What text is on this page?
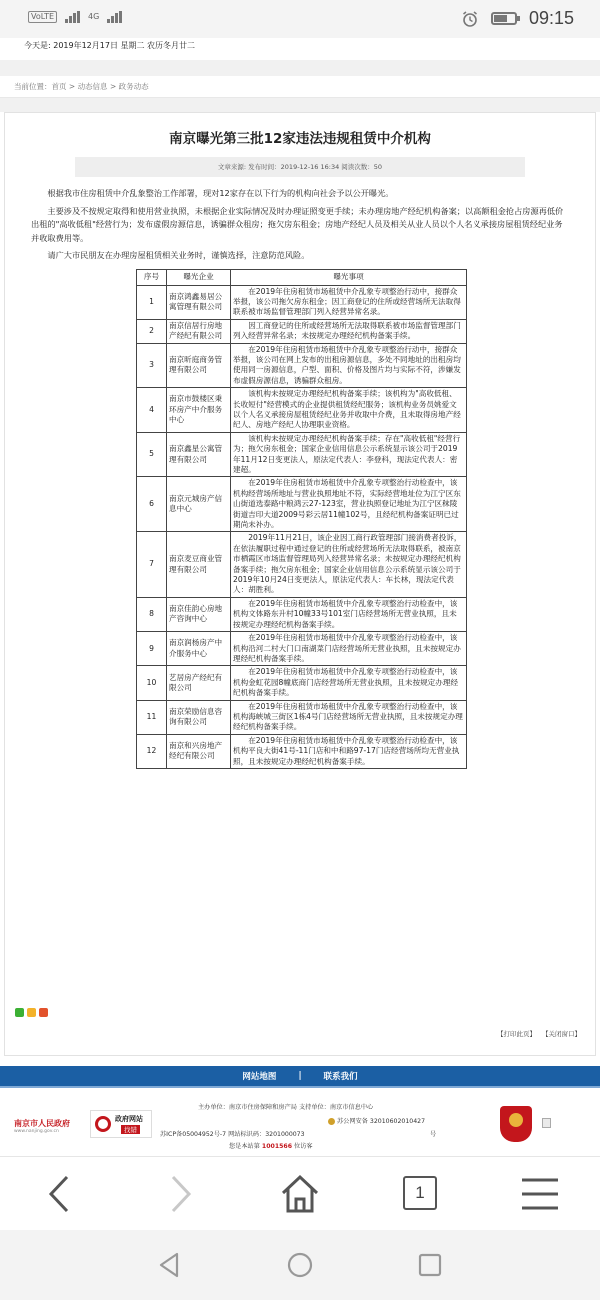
VoLTE	4G	09:15
今天是: 2019年12月17日 星期二 农历冬月廿二
当前位置：首页 > 动态信息 > 政务动态
南京曝光第三批12家违法违规租赁中介机构
文章来源: 发布时间：2019-12-16 16:34 阅读次数：50

根据我市住房租赁中介乱象整治工作部署，现对12家存在以下行为的机构向社会予以公开曝光。

主要涉及不按规定取得和使用营业执照，未根据企业实际情况及时办理证照变更手续；未办理房地产经纪机构备案；以高额租金抢占房源再低价出租的"高收低租"经营行为；发布虚假房源信息，诱骗群众租房；拖欠房东租金；房地产经纪人员及相关从业人员以个人名义承接房屋租赁经纪业务并收取费用等。

请广大市民朋友在办理房屋租赁相关业务时，谨慎选择，注意防范风险。

序号	曝光企业	曝光事项
1	南京鸿鑫易居公寓管理有限公司	在2019年住房租赁市场租赁中介乱象专项整治行动中，接群众举报，该公司拖欠房东租金；因工商登记的住所或经营场所无法取得联系被市场监督管理部门列入经营异常名录。
2	南京信居行房地产经纪有限公司	因工商登记的住所或经营场所无法取得联系被市场监督管理部门列入经营异常名录；未按规定办理经纪机构备案手续。
3	南京昕庭商务管理有限公司	在2019年住房租赁市场租赁中介乱象专项整治行动中，接群众举报，该公司在网上发布的出租房源信息，多处不同地址的出租房均使用同一房源信息，户型、面积、价格及图片均与实际不符，涉嫌发布虚假房源信息，诱骗群众租房。
4	南京市鼓楼区秉环房产中介服务中心	该机构未按规定办理经纪机构备案手续；该机构为"高收低租、长收短付"经营模式的企业提供租赁经纪服务；该机构业务员姚爱文以个人名义承接房屋租赁经纪业务并收取中介费，且未取得房地产经纪人、房地产经纪人协理职业资格。
5	南京鑫星公寓管理有限公司	该机构未按规定办理经纪机构备案手续；存在"高收低租"经营行为；拖欠房东租金；国家企业信用信息公示系统显示该公司于2019年11月12日变更法人，原法定代表人：李登科，现法定代表人：密建超。
6	南京元城房产信息中心	在2019年住房租赁市场租赁中介乱象专项整治行动检查中，该机构经营场所地址与营业执照地址不符，实际经营地址位为江宁区东山街道选泰路中粮鸿云27-123室，营业执照登记地址为江宁区秣陵街道吉印大道2009号彩云居11幢102号，且经纪机构备案证明已过期尚未补办。
7	南京麦豆商业管理有限公司	2019年11月21日，该企业因工商行政管理部门接消费者投诉，在依法履职过程中通过登记的住所或经营场所无法取得联系，被南京市栖霞区市场监督管理局列入经营异常名录；未按规定办理经纪机构备案手续；拖欠房东租金；国家企业信用信息公示系统显示该公司于2019年10月24日变更法人，原法定代表人：车长林，现法定代表人：胡胜利。
8	南京佳韵心房地产咨询中心	在2019年住房租赁市场租赁中介乱象专项整治行动检查中，该机构文体路东升村10幢33号101室门店经营场所无营业执照，且未按规定办理经纪机构备案手续。
9	南京润杨房产中介服务中心	在2019年住房租赁市场租赁中介乱象专项整治行动检查中，该机构沿河二村大门口南湖菜门店经营场所无营业执照，且未按规定办理经纪机构备案手续。
10	艺居房产经纪有限公司	在2019年住房租赁市场租赁中介乱象专项整治行动检查中，该机构金虹花园8幢底商门店经营场所无营业执照，且未按规定办理经纪机构备案手续。
11	南京荣励信息咨询有限公司	在2019年住房租赁市场租赁中介乱象专项整治行动检查中，该机构海峡城三街区1栋4号门店经营场所无营业执照，且未按规定办理经纪机构备案手续。
12	南京和兴房地产经纪有限公司	在2019年住房租赁市场租赁中介乱象专项整治行动检查中，该机构平良大街41号-11门店和中和路97-17门店经营场所均无营业执照，且未按规定办理经纪机构备案手续。
【打印此页】 【关闭窗口】
网站地图	|	联系我们
南京市人民政府
www.nanjing.gov.cn
政府网站
找错
主办单位：南京市住房保障和房产局 支持单位：南京市信息中心
苏公网安备 32010602010427
苏ICP备05004952号-7 网站标识码：3201000073	号
您是本站第 1001566 位访客
1
